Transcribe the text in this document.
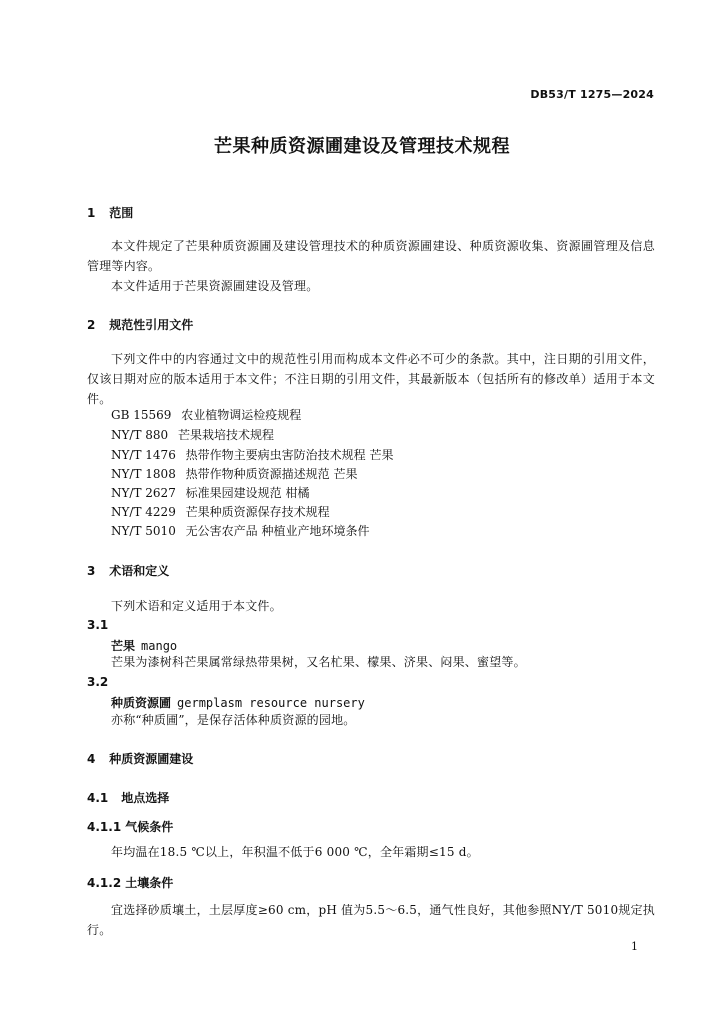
DB53/T 1275—2024
芒果种质资源圃建设及管理技术规程
1 范围
本文件规定了芒果种质资源圃及建设管理技术的种质资源圃建设、种质资源收集、资源圃管理及信息管理等内容。
本文件适用于芒果资源圃建设及管理。
2 规范性引用文件
下列文件中的内容通过文中的规范性引用而构成本文件必不可少的条款。其中，注日期的引用文件，仅该日期对应的版本适用于本文件；不注日期的引用文件，其最新版本（包括所有的修改单）适用于本文件。
GB 15569 农业植物调运检疫规程
NY/T 880 芒果栽培技术规程
NY/T 1476 热带作物主要病虫害防治技术规程 芒果
NY/T 1808 热带作物种质资源描述规范 芒果
NY/T 2627 标准果园建设规范 柑橘
NY/T 4229 芒果种质资源保存技术规程
NY/T 5010 无公害农产品 种植业产地环境条件
3 术语和定义
下列术语和定义适用于本文件。
3.1
芒果 mango
芒果为漆树科芒果属常绿热带果树，又名杧果、檬果、济果、闷果、蜜望等。
3.2
种质资源圃 germplasm resource nursery
亦称“种质圃”，是保存活体种质资源的园地。
4 种质资源圃建设
4.1 地点选择
4.1.1 气候条件
年均温在18.5 ℃以上，年积温不低于6 000 ℃，全年霜期≤15 d。
4.1.2 土壤条件
宜选择砂质壤土，土层厚度≥60 cm，pH 值为5.5～6.5，通气性良好，其他参照NY/T 5010规定执行。
1
